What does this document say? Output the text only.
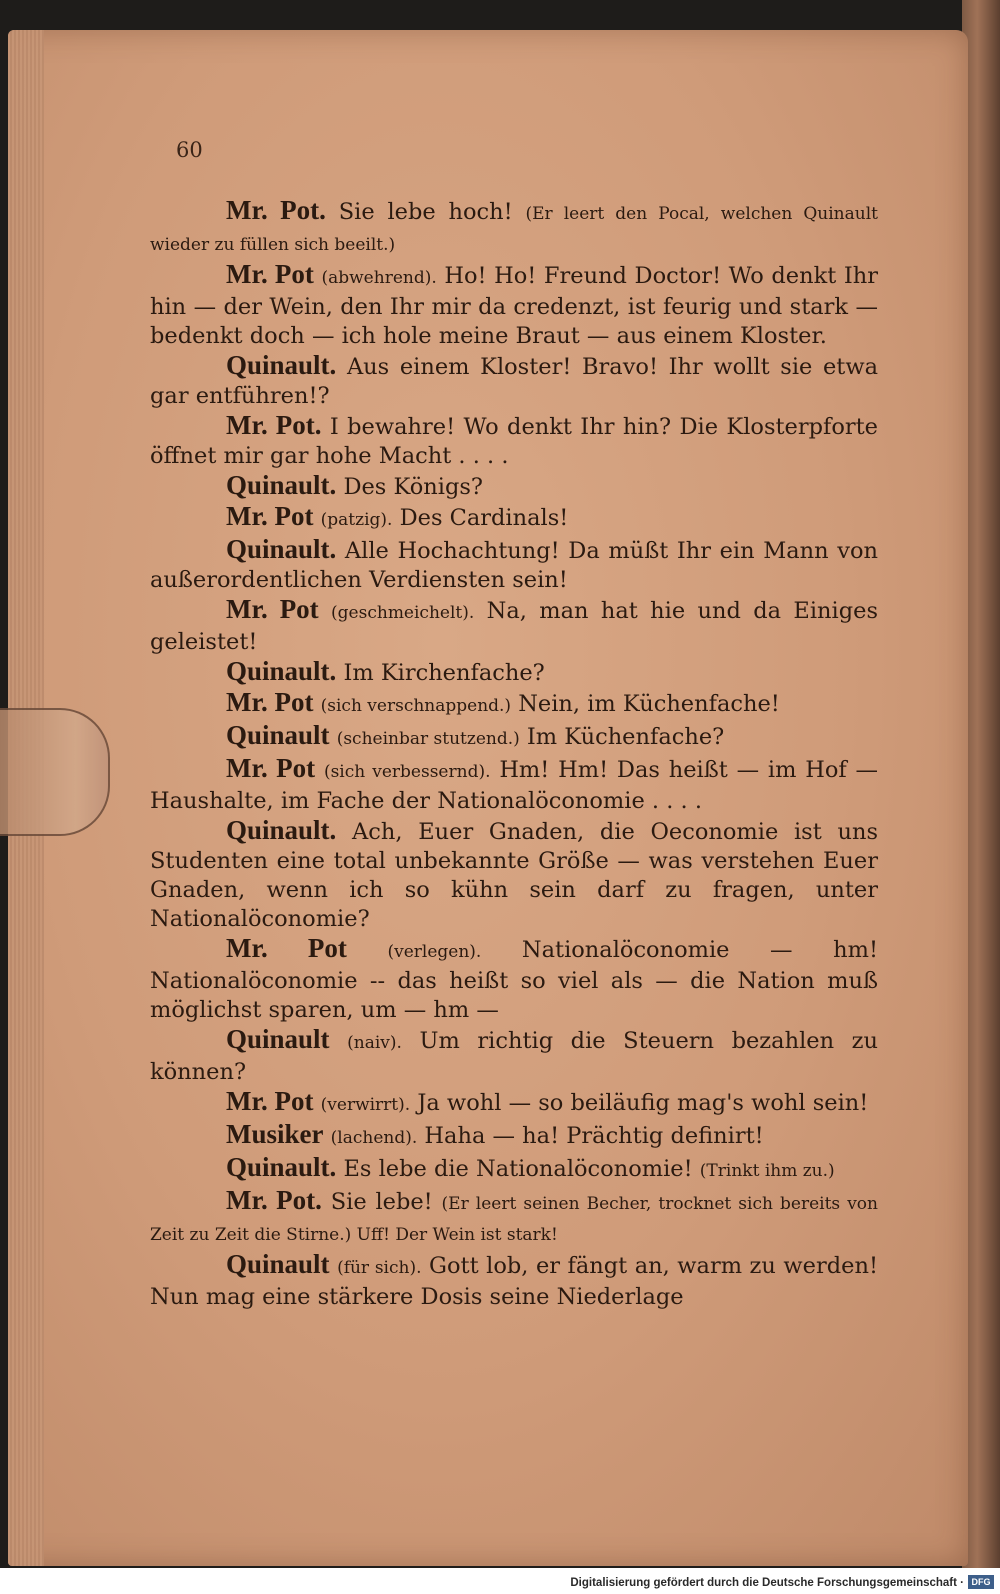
60

Mr. Pot. Sie lebe hoch! (Er leert den Pocal, welchen Quinault wieder zu füllen sich beeilt.)

Mr. Pot (abwehrend). Ho! Ho! Freund Doctor! Wo denkt Ihr hin — der Wein, den Ihr mir da credenzt, ist feurig und stark — bedenkt doch — ich hole meine Braut — aus einem Kloster.

Quinault. Aus einem Kloster! Bravo! Ihr wollt sie etwa gar entführen!?

Mr. Pot. I bewahre! Wo denkt Ihr hin? Die Klosterpforte öffnet mir gar hohe Macht . . . .

Quinault. Des Königs?

Mr. Pot (patzig). Des Cardinals!

Quinault. Alle Hochachtung! Da müßt Ihr ein Mann von außerordentlichen Verdiensten sein!

Mr. Pot (geschmeichelt). Na, man hat hie und da Einiges geleistet!

Quinault. Im Kirchenfache?

Mr. Pot (sich verschnappend.) Nein, im Küchenfache!

Quinault (scheinbar stutzend.) Im Küchenfache?

Mr. Pot (sich verbessernd). Hm! Hm! Das heißt — im Hof — Haushalte, im Fache der Nationalöconomie . . . .

Quinault. Ach, Euer Gnaden, die Oeconomie ist uns Studenten eine total unbekannte Größe — was verstehen Euer Gnaden, wenn ich so kühn sein darf zu fragen, unter Nationalöconomie?

Mr. Pot (verlegen). Nationalöconomie — hm! Nationalöconomie -- das heißt so viel als — die Nation muß möglichst sparen, um — hm —

Quinault (naiv). Um richtig die Steuern bezahlen zu können?

Mr. Pot (verwirrt). Ja wohl — so beiläufig mag's wohl sein!

Musiker (lachend). Haha — ha! Prächtig definirt!

Quinault. Es lebe die Nationalöconomie! (Trinkt ihm zu.)

Mr. Pot. Sie lebe! (Er leert seinen Becher, trocknet sich bereits von Zeit zu Zeit die Stirne.) Uff! Der Wein ist stark!

Quinault (für sich). Gott lob, er fängt an, warm zu werden! Nun mag eine stärkere Dosis seine Niederlage

Digitalisierung gefördert durch die Deutsche Forschungsgemeinschaft · DFG
